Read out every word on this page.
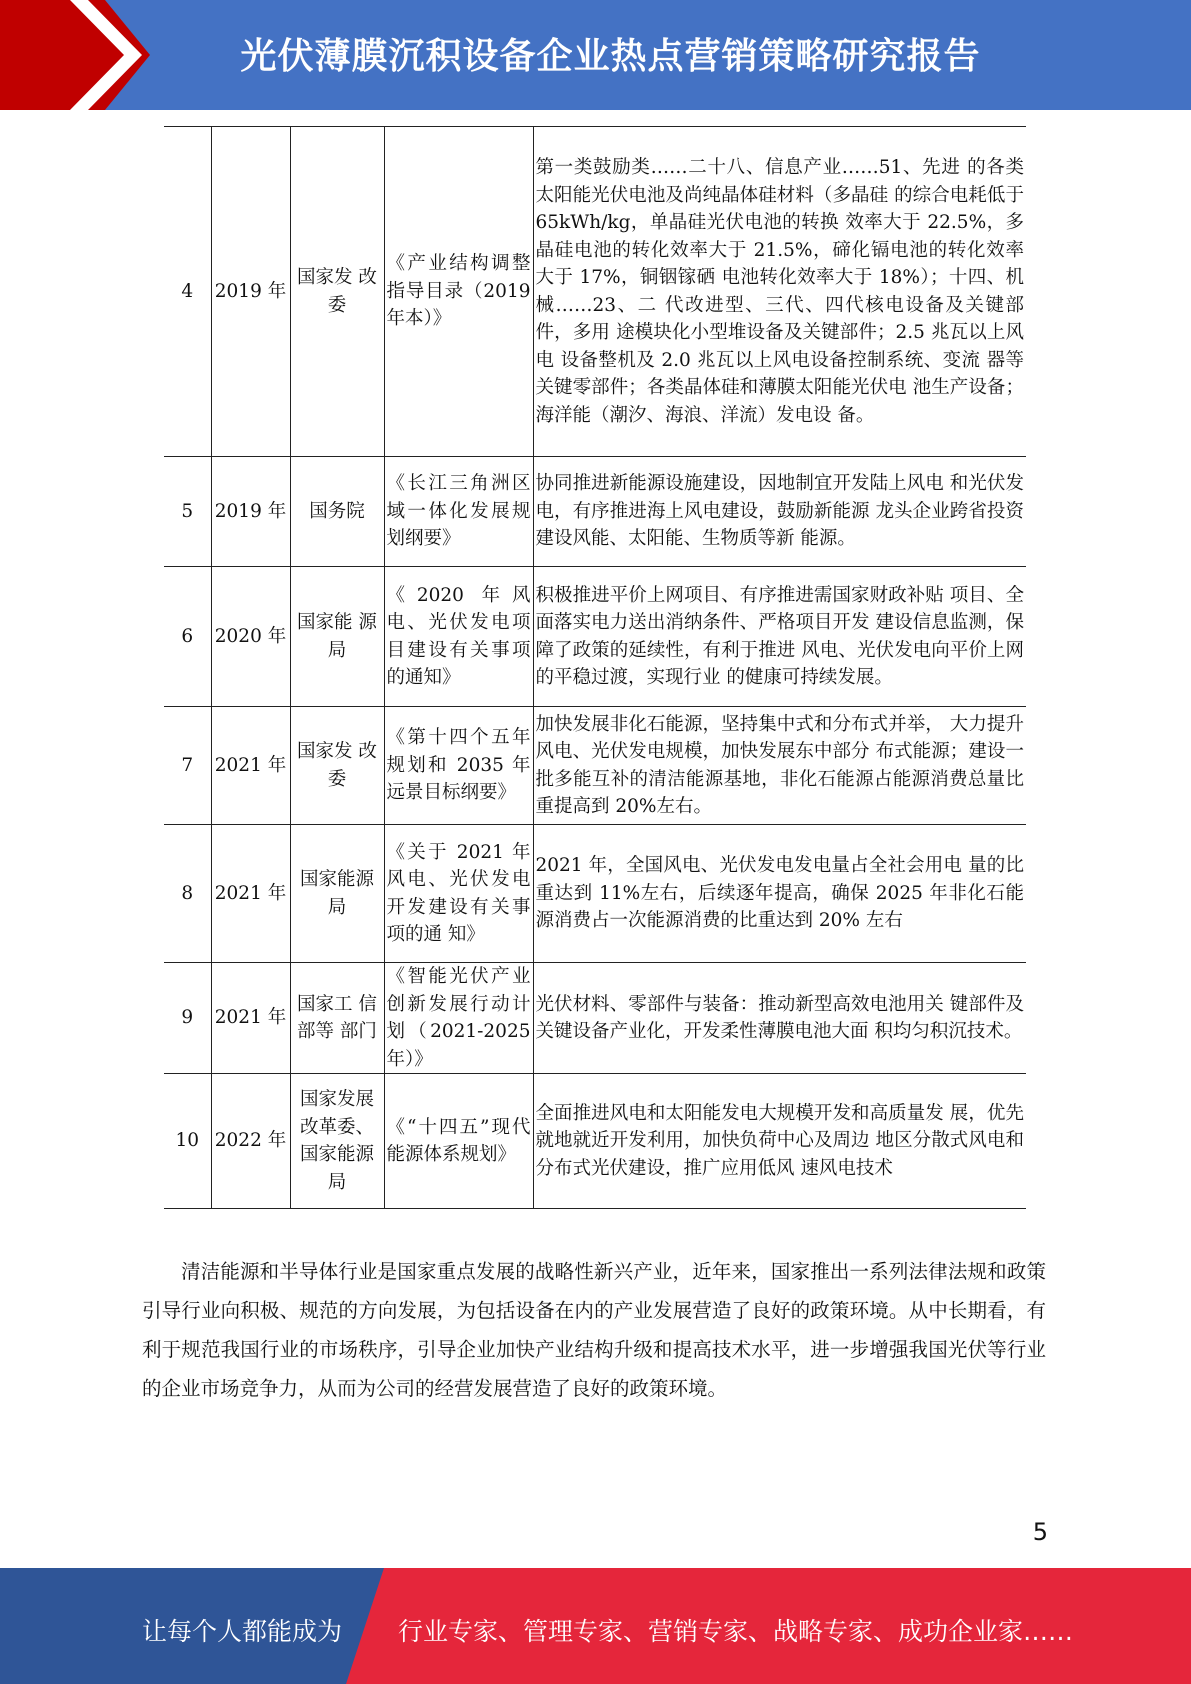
光伏薄膜沉积设备企业热点营销策略研究报告
4	2019 年	国家发 改委	《产业结构调整指导目录（2019 年本）》	第一类鼓励类……二十八、信息产业……51、先进 的各类太阳能光伏电池及尚纯晶体硅材料（多晶硅 的综合电耗低于 65kWh/kg，单晶硅光伏电池的转换 效率大于 22.5%，多晶硅电池的转化效率大于 21.5%，碲化镉电池的转化效率大于 17%，铜铟镓硒 电池转化效率大于 18%）；十四、机械……23、二 代改进型、三代、四代核电设备及关键部件，多用 途模块化小型堆设备及关键部件；2.5 兆瓦以上风电 设备整机及 2.0 兆瓦以上风电设备控制系统、变流 器等关键零部件；各类晶体硅和薄膜太阳能光伏电 池生产设备；海洋能（潮汐、海浪、洋流）发电设 备。
5	2019 年	国务院	《长江三角洲区域一体化发展规划纲要》	协同推进新能源设施建设，因地制宜开发陆上风电 和光伏发电，有序推进海上风电建设，鼓励新能源 龙头企业跨省投资建设风能、太阳能、生物质等新 能源。
6	2020 年	国家能 源局	《2020 年风电、光伏发电项目建设有关事项的通知》	积极推进平价上网项目、有序推进需国家财政补贴 项目、全面落实电力送出消纳条件、严格项目开发 建设信息监测，保障了政策的延续性，有利于推进 风电、光伏发电向平价上网的平稳过渡，实现行业 的健康可持续发展。
7	2021 年	国家发 改委	《第十四个五年规划和 2035 年远景目标纲要》	加快发展非化石能源，坚持集中式和分布式并举， 大力提升风电、光伏发电规模，加快发展东中部分 布式能源；建设一批多能互补的清洁能源基地，非化石能源占能源消费总量比重提高到 20%左右。
8	2021 年	国家能源局	《关于 2021 年风电、光伏发电开发建设有关事项的通 知》	2021 年，全国风电、光伏发电发电量占全社会用电 量的比重达到 11%左右，后续逐年提高，确保 2025 年非化石能源消费占一次能源消费的比重达到 20% 左右
9	2021 年	国家工 信部等 部门	《智能光伏产业创新发展行动计划（2021-2025 年）》	光伏材料、零部件与装备：推动新型高效电池用关 键部件及关键设备产业化，开发柔性薄膜电池大面 积均匀积沉技术。
10	2022 年	国家发展改革委、国家能源局	《“十四五”现代能源体系规划》	全面推进风电和太阳能发电大规模开发和高质量发 展，优先就地就近开发利用，加快负荷中心及周边 地区分散式风电和分布式光伏建设，推广应用低风 速风电技术

清洁能源和半导体行业是国家重点发展的战略性新兴产业，近年来，国家推出一系列法律法规和政策引导行业向积极、规范的方向发展，为包括设备在内的产业发展营造了良好的政策环境。从中长期看，有利于规范我国行业的市场秩序，引导企业加快产业结构升级和提高技术水平，进一步增强我国光伏等行业的企业市场竞争力，从而为公司的经营发展营造了良好的政策环境。

5
让每个人都能成为 行业专家、管理专家、营销专家、战略专家、成功企业家……
